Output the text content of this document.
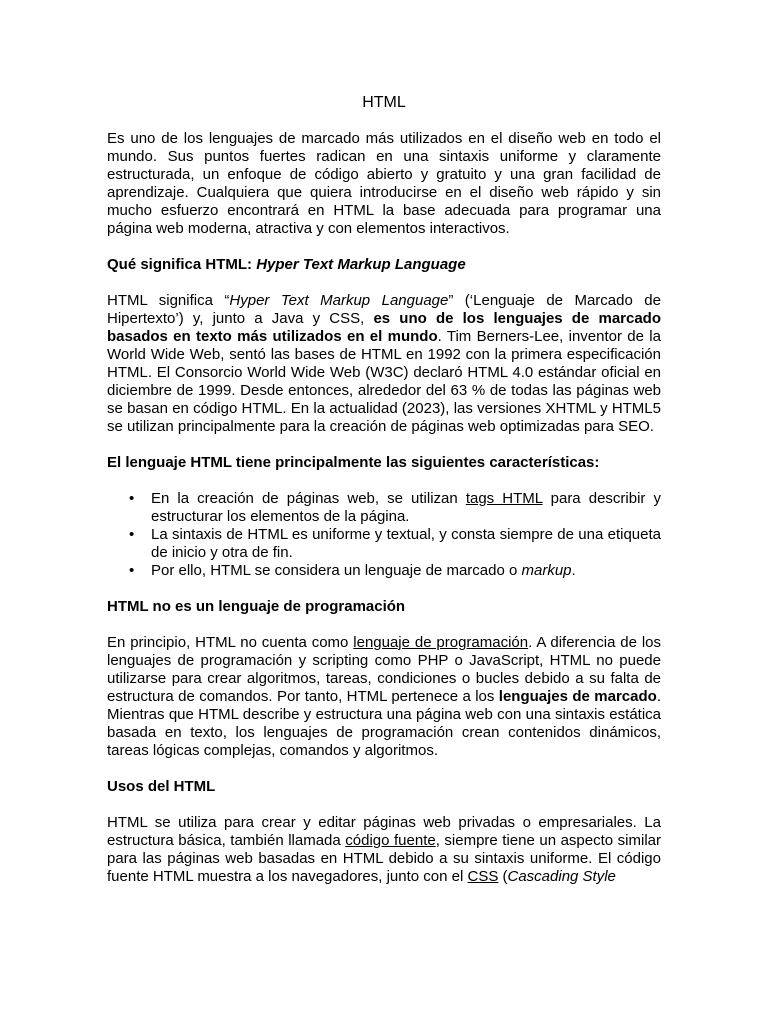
HTML

Es uno de los lenguajes de marcado más utilizados en el diseño web en todo el mundo. Sus puntos fuertes radican en una sintaxis uniforme y claramente estructurada, un enfoque de código abierto y gratuito y una gran facilidad de aprendizaje. Cualquiera que quiera introducirse en el diseño web rápido y sin mucho esfuerzo encontrará en HTML la base adecuada para programar una página web moderna, atractiva y con elementos interactivos.

Qué significa HTML: Hyper Text Markup Language

HTML significa “Hyper Text Markup Language” (‘Lenguaje de Marcado de Hipertexto’) y, junto a Java y CSS, es uno de los lenguajes de marcado basados en texto más utilizados en el mundo. Tim Berners-Lee, inventor de la World Wide Web, sentó las bases de HTML en 1992 con la primera especificación HTML. El Consorcio World Wide Web (W3C) declaró HTML 4.0 estándar oficial en diciembre de 1999. Desde entonces, alrededor del 63 % de todas las páginas web se basan en código HTML. En la actualidad (2023), las versiones XHTML y HTML5 se utilizan principalmente para la creación de páginas web optimizadas para SEO.

El lenguaje HTML tiene principalmente las siguientes características:
• En la creación de páginas web, se utilizan tags HTML para describir y estructurar los elementos de la página.
• La sintaxis de HTML es uniforme y textual, y consta siempre de una etiqueta de inicio y otra de fin.
• Por ello, HTML se considera un lenguaje de marcado o markup.
HTML no es un lenguaje de programación

En principio, HTML no cuenta como lenguaje de programación. A diferencia de los lenguajes de programación y scripting como PHP o JavaScript, HTML no puede utilizarse para crear algoritmos, tareas, condiciones o bucles debido a su falta de estructura de comandos. Por tanto, HTML pertenece a los lenguajes de marcado. Mientras que HTML describe y estructura una página web con una sintaxis estática basada en texto, los lenguajes de programación crean contenidos dinámicos, tareas lógicas complejas, comandos y algoritmos.

Usos del HTML

HTML se utiliza para crear y editar páginas web privadas o empresariales. La estructura básica, también llamada código fuente, siempre tiene un aspecto similar para las páginas web basadas en HTML debido a su sintaxis uniforme. El código fuente HTML muestra a los navegadores, junto con el CSS (Cascading Style
